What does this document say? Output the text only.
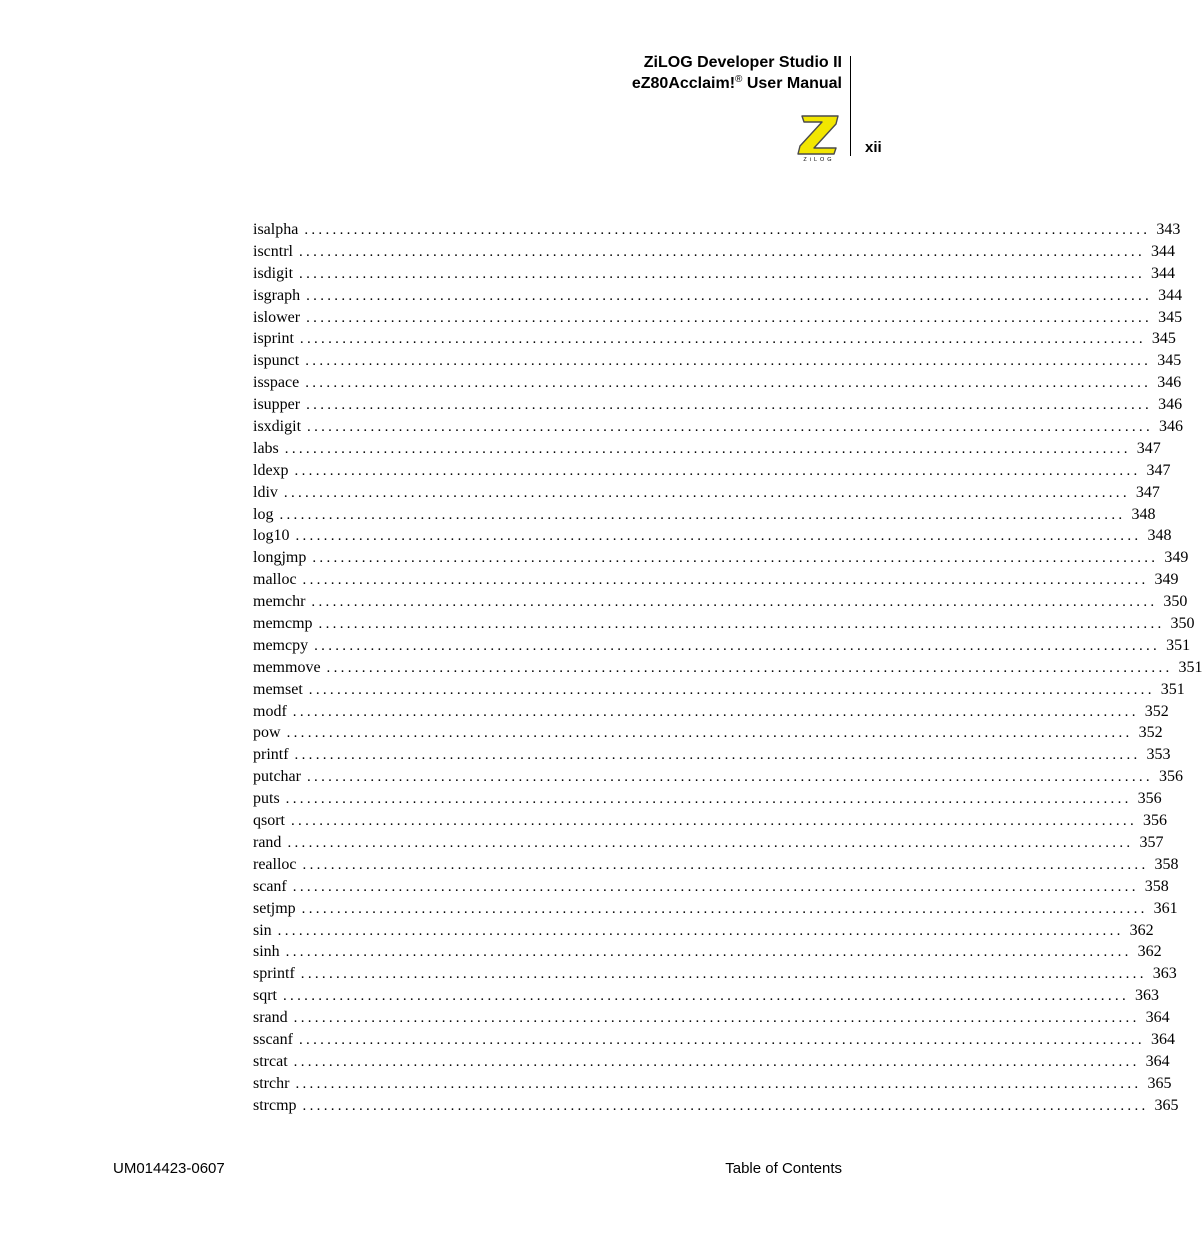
ZiLOG Developer Studio II
eZ80Acclaim!® User Manual
ZiLOG
xii
isalpha ........................................................................................................................ 343
iscntrl ........................................................................................................................ 344
isdigit ........................................................................................................................ 344
isgraph ........................................................................................................................ 344
islower ........................................................................................................................ 345
isprint ........................................................................................................................ 345
ispunct ........................................................................................................................ 345
isspace ........................................................................................................................ 346
isupper ........................................................................................................................ 346
isxdigit ........................................................................................................................ 346
labs ........................................................................................................................ 347
ldexp ........................................................................................................................ 347
ldiv ........................................................................................................................ 347
log ........................................................................................................................ 348
log10 ........................................................................................................................ 348
longjmp ........................................................................................................................ 349
malloc ........................................................................................................................ 349
memchr ........................................................................................................................ 350
memcmp ........................................................................................................................ 350
memcpy ........................................................................................................................ 351
memmove ........................................................................................................................ 351
memset ........................................................................................................................ 351
modf ........................................................................................................................ 352
pow ........................................................................................................................ 352
printf ........................................................................................................................ 353
putchar ........................................................................................................................ 356
puts ........................................................................................................................ 356
qsort ........................................................................................................................ 356
rand ........................................................................................................................ 357
realloc ........................................................................................................................ 358
scanf ........................................................................................................................ 358
setjmp ........................................................................................................................ 361
sin ........................................................................................................................ 362
sinh ........................................................................................................................ 362
sprintf ........................................................................................................................ 363
sqrt ........................................................................................................................ 363
srand ........................................................................................................................ 364
sscanf ........................................................................................................................ 364
strcat ........................................................................................................................ 364
strchr ........................................................................................................................ 365
strcmp ........................................................................................................................ 365
UM014423-0607	Table of Contents
